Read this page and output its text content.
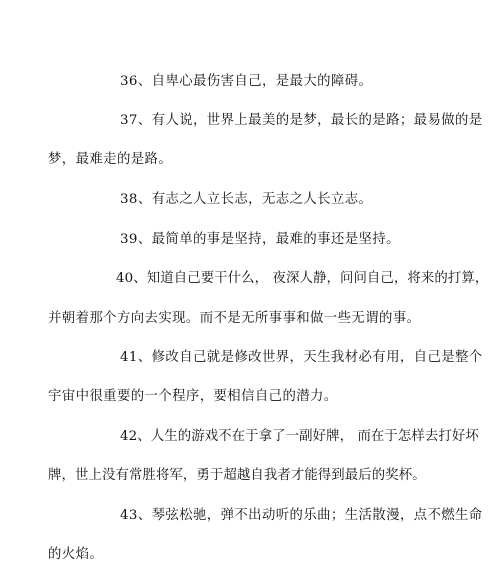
36、自卑心最伤害自己，是最大的障碍。
37、有人说，世界上最美的是梦，最长的是路；最易做的是
梦，最难走的是路。
38、有志之人立长志，无志之人长立志。
39、最简单的事是坚持，最难的事还是坚持。
40、知道自己要干什么， 夜深人静，问问自己，将来的打算，
并朝着那个方向去实现。而不是无所事事和做一些无谓的事。
41、修改自己就是修改世界，天生我材必有用，自己是整个
宇宙中很重要的一个程序，要相信自己的潜力。
42、人生的游戏不在于拿了一副好牌， 而在于怎样去打好坏
牌，世上没有常胜将军，勇于超越自我者才能得到最后的奖杯。
43、琴弦松驰，弹不出动听的乐曲；生活散漫，点不燃生命
的火焰。
